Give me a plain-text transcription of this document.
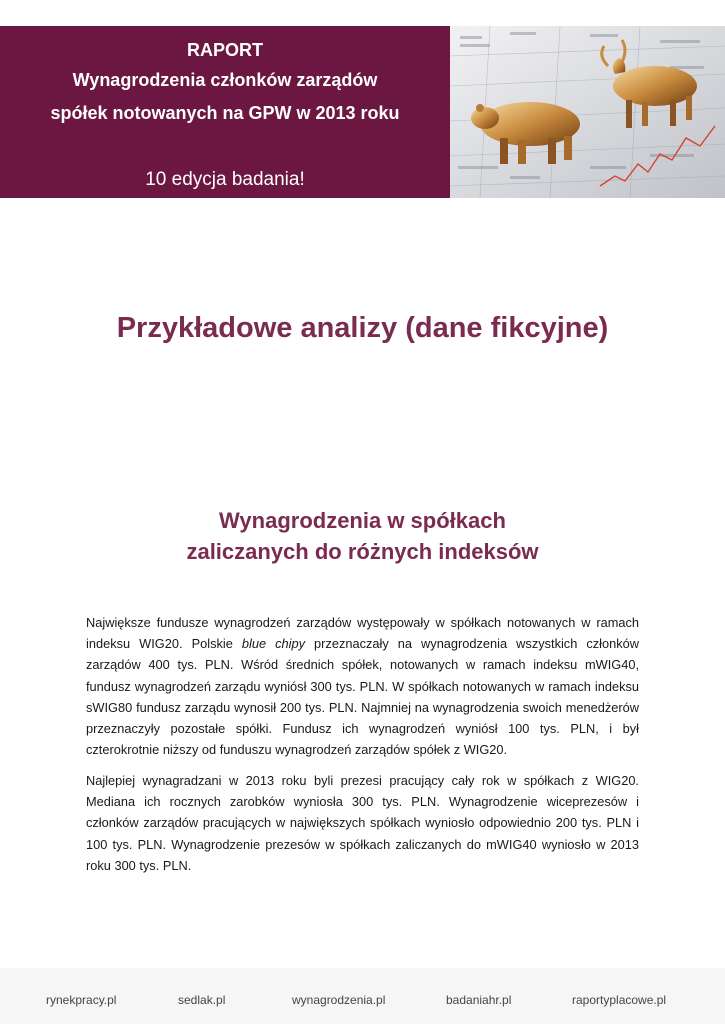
RAPORT
Wynagrodzenia członków zarządów
spółek notowanych na GPW w 2013 roku
10 edycja badania!
Przykładowe analizy (dane fikcyjne)
Wynagrodzenia w spółkach
zaliczanych do różnych indeksów
Największe fundusze wynagrodzeń zarządów występowały w spółkach notowanych w ramach indeksu WIG20. Polskie blue chipy przeznaczały na wynagrodzenia wszystkich członków zarządów 400 tys. PLN. Wśród średnich spółek, notowanych w ramach indeksu mWIG40, fundusz wynagrodzeń zarządu wyniósł 300 tys. PLN. W spółkach notowanych w ramach indeksu sWIG80 fundusz zarządu wynosił 200 tys. PLN. Najmniej na wynagrodzenia swoich menedżerów przeznaczyły pozostałe spółki. Fundusz ich wynagrodzeń wyniósł 100 tys. PLN, i był czterokrotnie niższy od funduszu wynagrodzeń zarządów spółek z WIG20.
Najlepiej wynagradzani w 2013 roku byli prezesi pracujący cały rok w spółkach z WIG20. Mediana ich rocznych zarobków wyniosła 300 tys. PLN. Wynagrodzenie wiceprezesów i członków zarządów pracujących w największych spółkach wyniosło odpowiednio 200 tys. PLN i 100 tys. PLN. Wynagrodzenie prezesów w spółkach zaliczanych do mWIG40 wyniosło w 2013 roku 300 tys. PLN.
rynekpracy.pl	sedlak.pl	wynagrodzenia.pl	badaniahr.pl	raportyplacowe.pl
